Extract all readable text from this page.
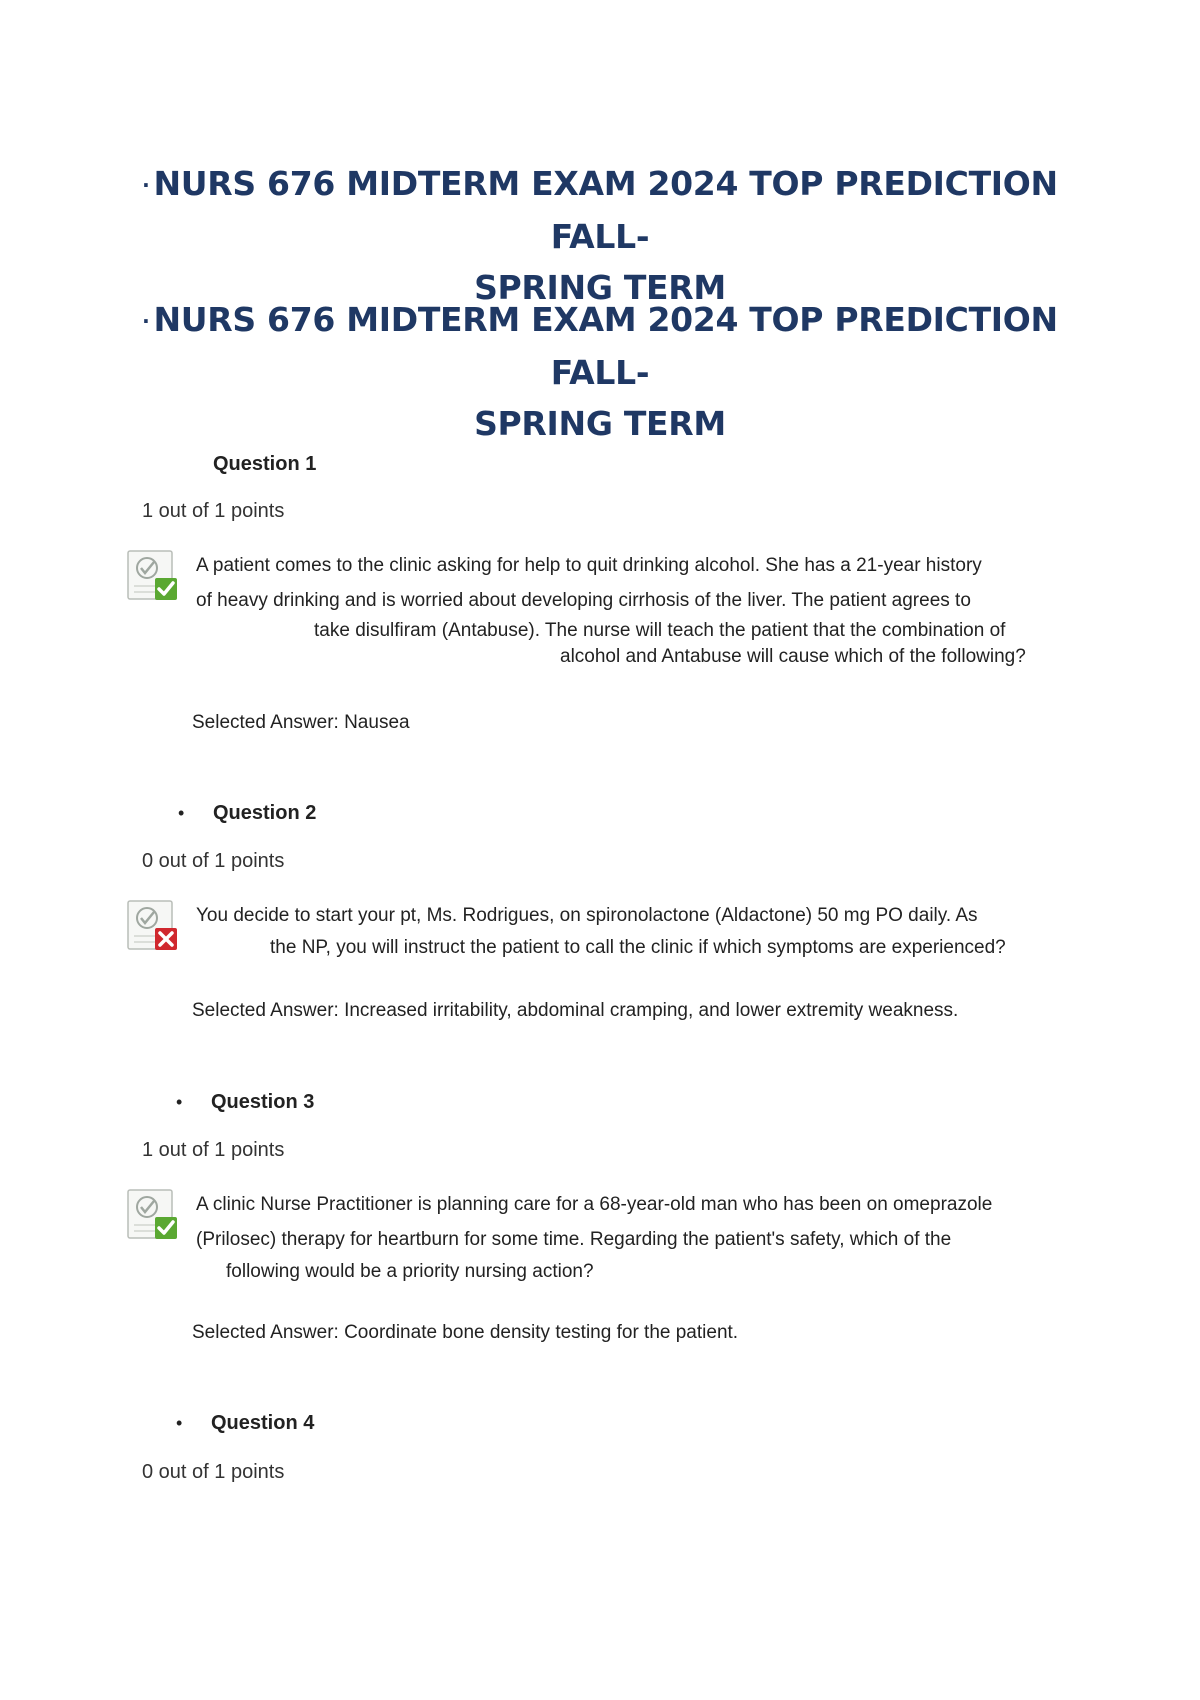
· NURS 676 MIDTERM EXAM 2024 TOP PREDICTION FALL-
SPRING TERM
· NURS 676 MIDTERM EXAM 2024 TOP PREDICTION FALL-
SPRING TERM
Question 1
1 out of 1 points
A patient comes to the clinic asking for help to quit drinking alcohol. She has a 21-year history
of heavy drinking and is worried about developing cirrhosis of the liver. The patient agrees to
take disulfiram (Antabuse). The nurse will teach the patient that the combination of
alcohol and Antabuse will cause which of the following?
Selected Answer: Nausea
• Question 2
0 out of 1 points
You decide to start your pt, Ms. Rodrigues, on spironolactone (Aldactone) 50 mg PO daily. As
the NP, you will instruct the patient to call the clinic if which symptoms are experienced?
Selected Answer: Increased irritability, abdominal cramping, and lower extremity weakness.
• Question 3
1 out of 1 points
A clinic Nurse Practitioner is planning care for a 68-year-old man who has been on omeprazole
(Prilosec) therapy for heartburn for some time. Regarding the patient's safety, which of the
following would be a priority nursing action?
Selected Answer: Coordinate bone density testing for the patient.
• Question 4
0 out of 1 points
